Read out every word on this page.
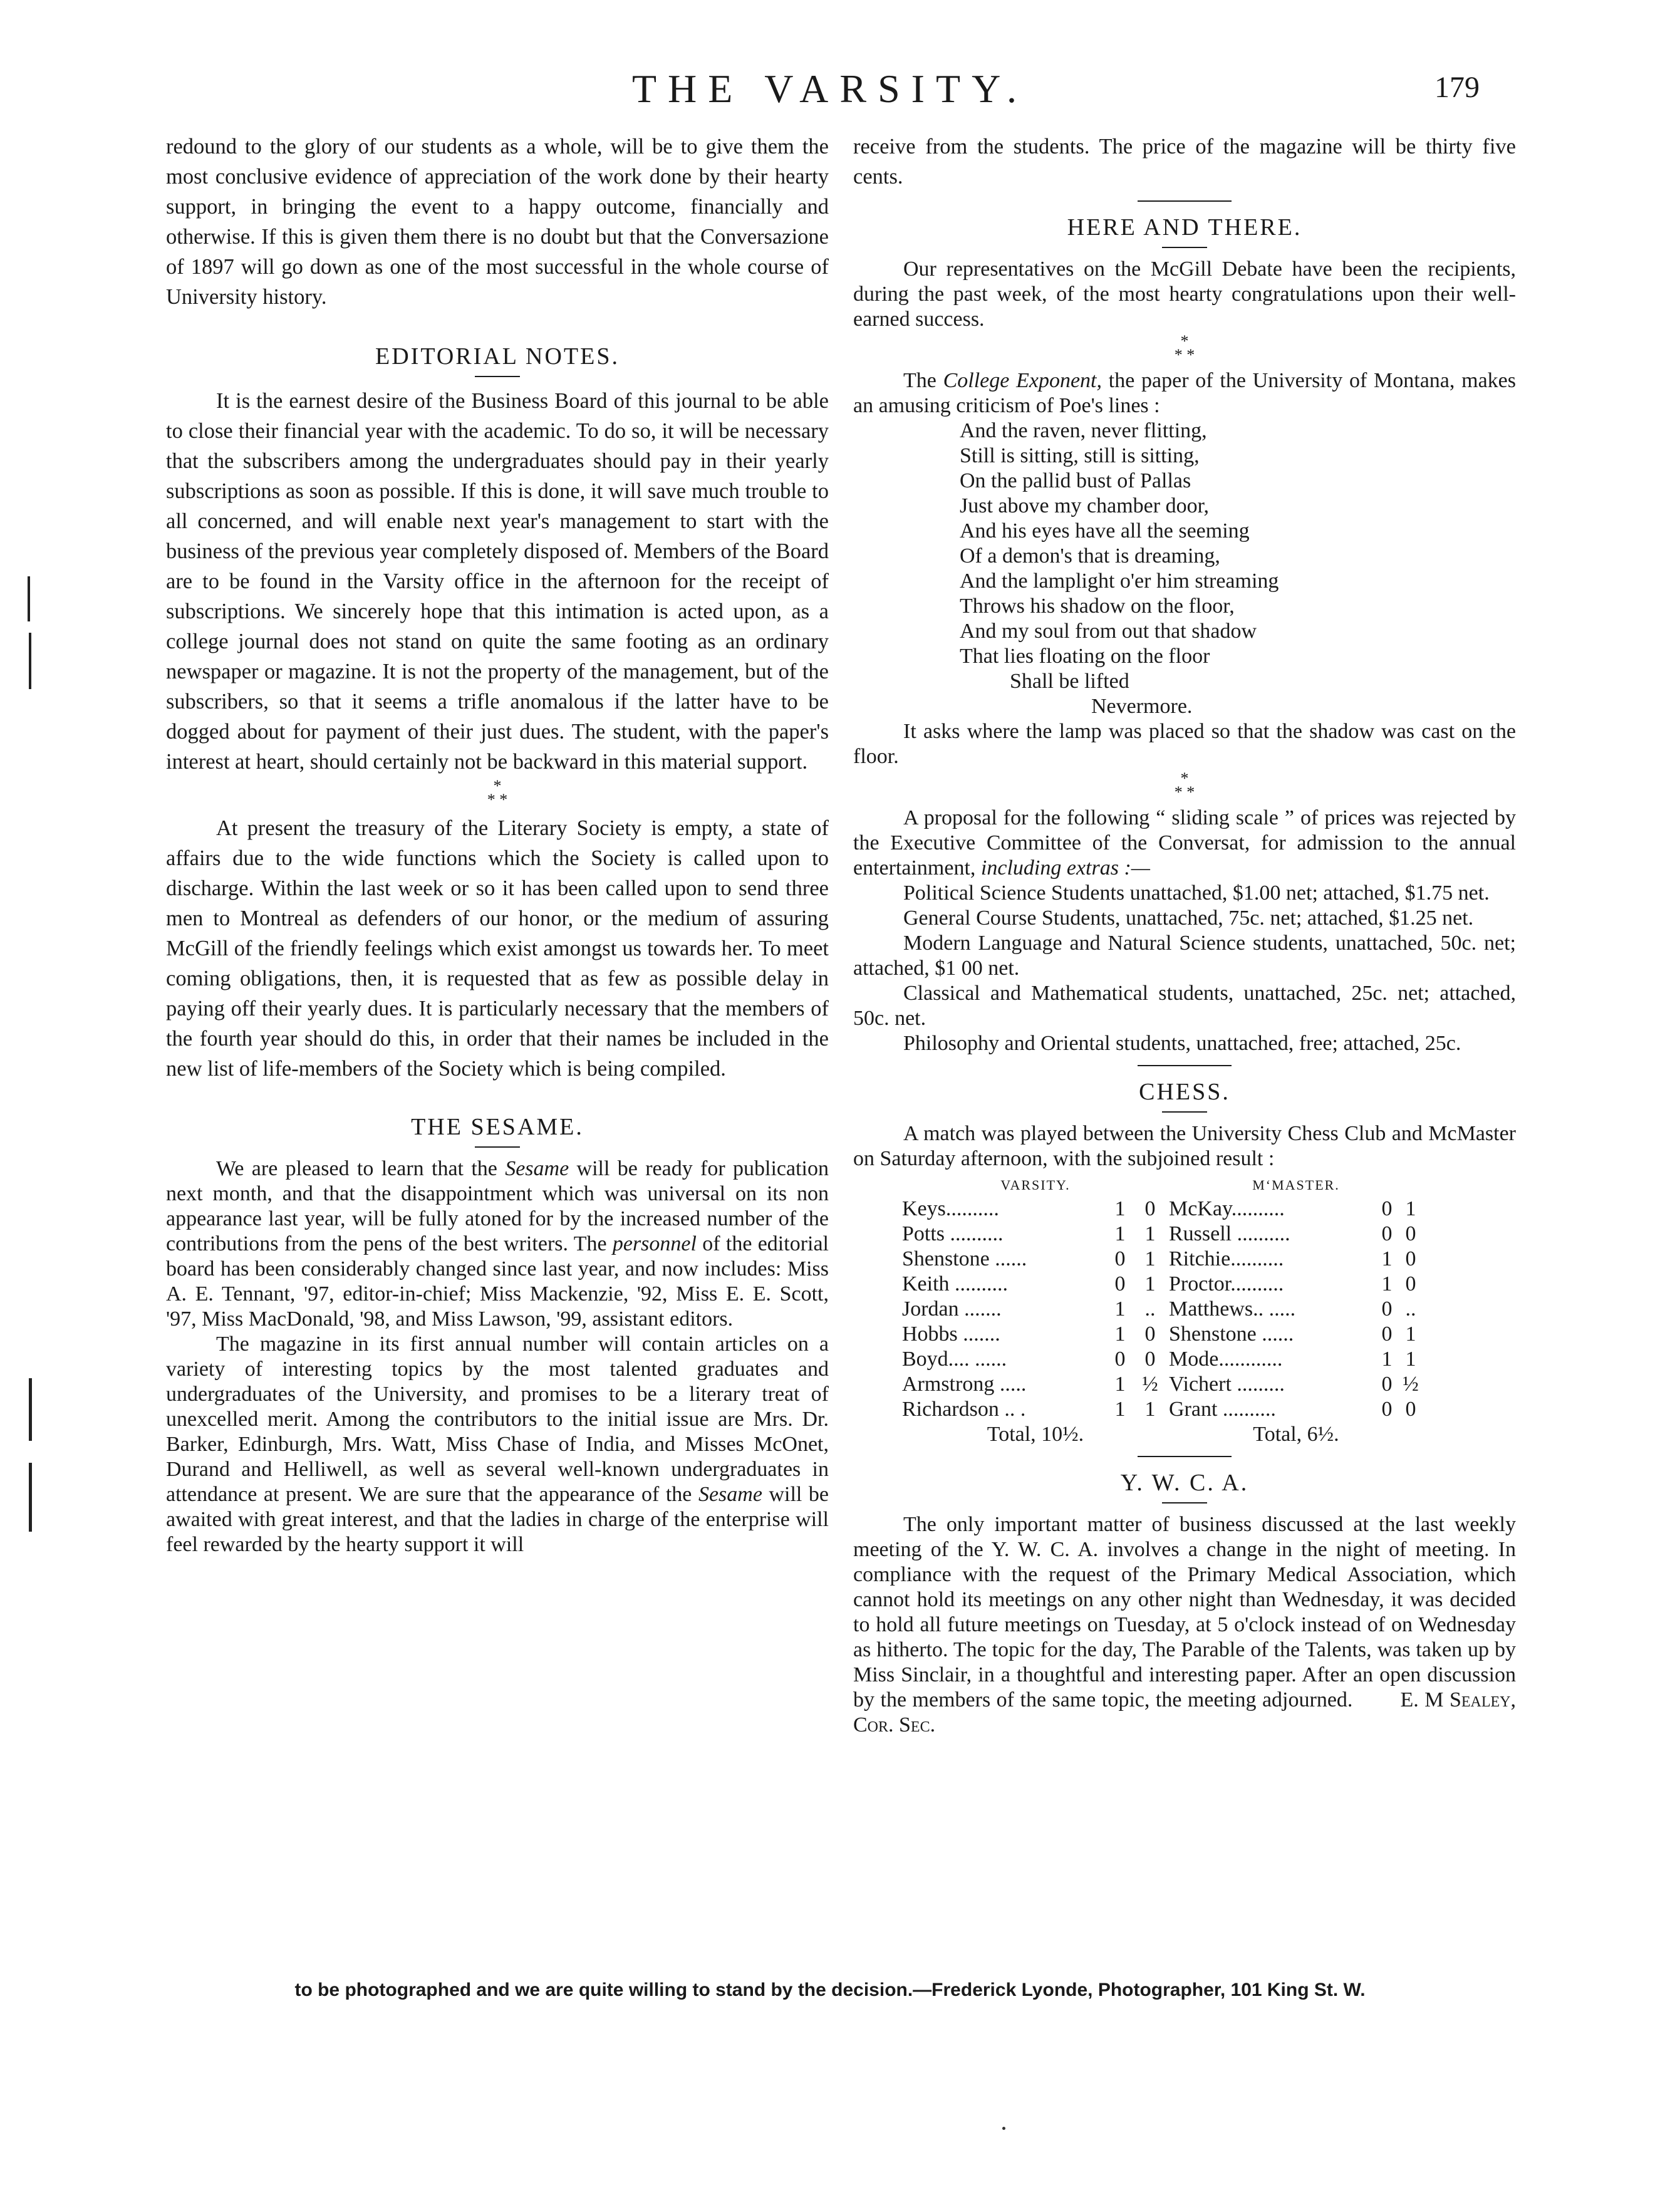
THE VARSITY.	179

redound to the glory of our students as a whole, will be to give them the most conclusive evidence of appreciation of the work done by their hearty support, in bringing the event to a happy outcome, financially and otherwise. If this is given them there is no doubt but that the Conversazione of 1897 will go down as one of the most successful in the whole course of University history.

EDITORIAL NOTES.

It is the earnest desire of the Business Board of this journal to be able to close their financial year with the academic. To do so, it will be necessary that the subscribers among the undergraduates should pay in their yearly subscriptions as soon as possible. If this is done, it will save much trouble to all concerned, and will enable next year's management to start with the business of the previous year completely disposed of. Members of the Board are to be found in the Varsity office in the afternoon for the receipt of subscriptions. We sincerely hope that this intimation is acted upon, as a college journal does not stand on quite the same footing as an ordinary newspaper or magazine. It is not the property of the management, but of the subscribers, so that it seems a trifle anomalous if the latter have to be dogged about for payment of their just dues. The student, with the paper's interest at heart, should certainly not be backward in this material support.

*
* *

At present the treasury of the Literary Society is empty, a state of affairs due to the wide functions which the Society is called upon to discharge. Within the last week or so it has been called upon to send three men to Montreal as defenders of our honor, or the medium of assuring McGill of the friendly feelings which exist amongst us towards her. To meet coming obligations, then, it is requested that as few as possible delay in paying off their yearly dues. It is particularly necessary that the members of the fourth year should do this, in order that their names be included in the new list of life-members of the Society which is being compiled.

THE SESAME.

We are pleased to learn that the Sesame will be ready for publication next month, and that the disappointment which was universal on its non appearance last year, will be fully atoned for by the increased number of the contributions from the pens of the best writers. The personnel of the editorial board has been considerably changed since last year, and now includes: Miss A. E. Tennant, '97, editor-in-chief; Miss Mackenzie, '92, Miss E. E. Scott, '97, Miss MacDonald, '98, and Miss Lawson, '99, assistant editors.

The magazine in its first annual number will contain articles on a variety of interesting topics by the most talented graduates and undergraduates of the University, and promises to be a literary treat of unexcelled merit. Among the contributors to the initial issue are Mrs. Dr. Barker, Edinburgh, Mrs. Watt, Miss Chase of India, and Misses McOnet, Durand and Helliwell, as well as several well-known undergraduates in attendance at present. We are sure that the appearance of the Sesame will be awaited with great interest, and that the ladies in charge of the enterprise will feel rewarded by the hearty support it will

receive from the students. The price of the magazine will be thirty five cents.

HERE AND THERE.

Our representatives on the McGill Debate have been the recipients, during the past week, of the most hearty congratulations upon their well-earned success.

*
* *

The College Exponent, the paper of the University of Montana, makes an amusing criticism of Poe's lines :

And the raven, never flitting,
Still is sitting, still is sitting,
On the pallid bust of Pallas
Just above my chamber door,
And his eyes have all the seeming
Of a demon's that is dreaming,
And the lamplight o'er him streaming
Throws his shadow on the floor,
And my soul from out that shadow
That lies floating on the floor
Shall be lifted
Nevermore.

It asks where the lamp was placed so that the shadow was cast on the floor.

*
* *

A proposal for the following “ sliding scale ” of prices was rejected by the Executive Committee of the Conversat, for admission to the annual entertainment, including extras :—

Political Science Students unattached, $1.00 net; attached, $1.75 net.

General Course Students, unattached, 75c. net; attached, $1.25 net.

Modern Language and Natural Science students, unattached, 50c. net; attached, $1 00 net.

Classical and Mathematical students, unattached, 25c. net; attached, 50c. net.

Philosophy and Oriental students, unattached, free; attached, 25c.

CHESS.

A match was played between the University Chess Club and McMaster on Saturday afternoon, with the subjoined result :

VARSITY.			M‘MASTER.		
Keys..........	1	0	McKay..........	0	1
Potts ..........	1	1	Russell ..........	0	0
Shenstone ......	0	1	Ritchie..........	1	0
Keith ..........	0	1	Proctor..........	1	0
Jordan .......	1	..	Matthews.. .....	0	..
Hobbs .......	1	0	Shenstone ......	0	1
Boyd.... ......	0	0	Mode............	1	1
Armstrong .....	1	½	Vichert .........	0	½
Richardson .. .	1	1	Grant ..........	0	0
Total, 10½.			Total, 6½.		
Y. W. C. A.

The only important matter of business discussed at the last weekly meeting of the Y. W. C. A. involves a change in the night of meeting. In compliance with the request of the Primary Medical Association, which cannot hold its meetings on any other night than Wednesday, it was decided to hold all future meetings on Tuesday, at 5 o'clock instead of on Wednesday as hitherto. The topic for the day, The Parable of the Talents, was taken up by Miss Sinclair, in a thoughtful and interesting paper. After an open discussion by the members of the same topic, the meeting adjourned. E. M Sealey, Cor. Sec.

to be photographed and we are quite willing to stand by the decision.—Frederick Lyonde, Photographer, 101 King St. W.
